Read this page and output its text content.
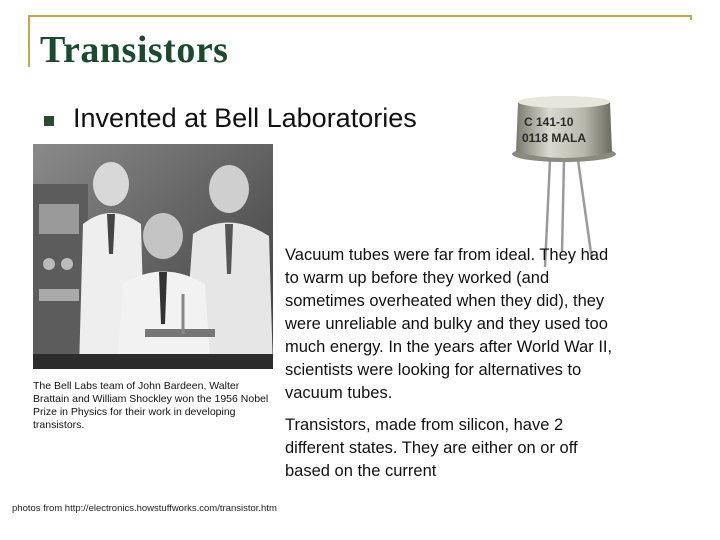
Transistors
Invented at Bell Laboratories
The Bell Labs team of John Bardeen, Walter Brattain and William Shockley won the 1956 Nobel Prize in Physics for their work in developing transistors.
C 141-10
0118 MALA
Vacuum tubes were far from ideal. They had to warm up before they worked (and sometimes overheated when they did), they were unreliable and bulky and they used too much energy. In the years after World War II, scientists were looking for alternatives to vacuum tubes.
Transistors, made from silicon, have 2 different states. They are either on or off based on the current
photos from http://electronics.howstuffworks.com/transistor.htm
